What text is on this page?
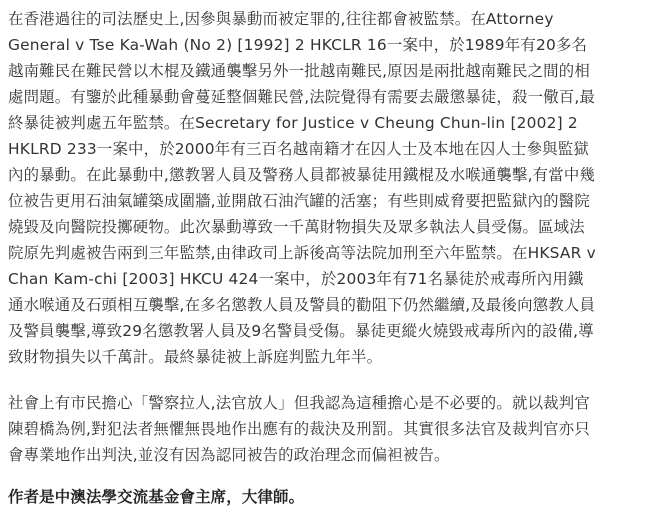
在香港過往的司法歷史上,因參與暴動而被定罪的,往往都會被監禁。在Attorney
General v Tse Ka-Wah (No 2) [1992] 2 HKCLR 16一案中，於1989年有20多名
越南難民在難民營以木棍及鐵通襲擊另外一批越南難民,原因是兩批越南難民之間的相
處問題。有鑒於此種暴動會蔓延整個難民營,法院覺得有需要去嚴懲暴徒，殺一儆百,最
終暴徒被判處五年監禁。在Secretary for Justice v Cheung Chun-lin [2002] 2
HKLRD 233一案中，於2000年有三百名越南籍才在囚人士及本地在囚人士參與監獄
內的暴動。在此暴動中,懲教署人員及警務人員都被暴徒用鐵棍及水喉通襲擊,有當中幾
位被告更用石油氣罐築成圍牆,並開啟石油汽罐的活塞；有些則威脅要把監獄內的醫院
燒毀及向醫院投擲硬物。此次暴動導致一千萬財物損失及眾多執法人員受傷。區域法
院原先判處被告兩到三年監禁,由律政司上訴後高等法院加刑至六年監禁。在HKSAR v
Chan Kam-chi [2003] HKCU 424一案中，於2003年有71名暴徒於戒毒所內用鐵
通水喉通及石頭相互襲擊,在多名懲教人員及警員的勸阻下仍然繼續,及最後向懲教人員
及警員襲擊,導致29名懲教署人員及9名警員受傷。暴徒更縱火燒毀戒毒所內的設備,導
致財物損失以千萬計。最終暴徒被上訴庭判監九年半。

社會上有市民擔心「警察拉人,法官放人」但我認為這種擔心是不必要的。就以裁判官
陳碧橋為例,對犯法者無懼無畏地作出應有的裁決及刑罰。其實很多法官及裁判官亦只
會專業地作出判決,並沒有因為認同被告的政治理念而偏袒被告。

作者是中澳法學交流基金會主席，大律師。
